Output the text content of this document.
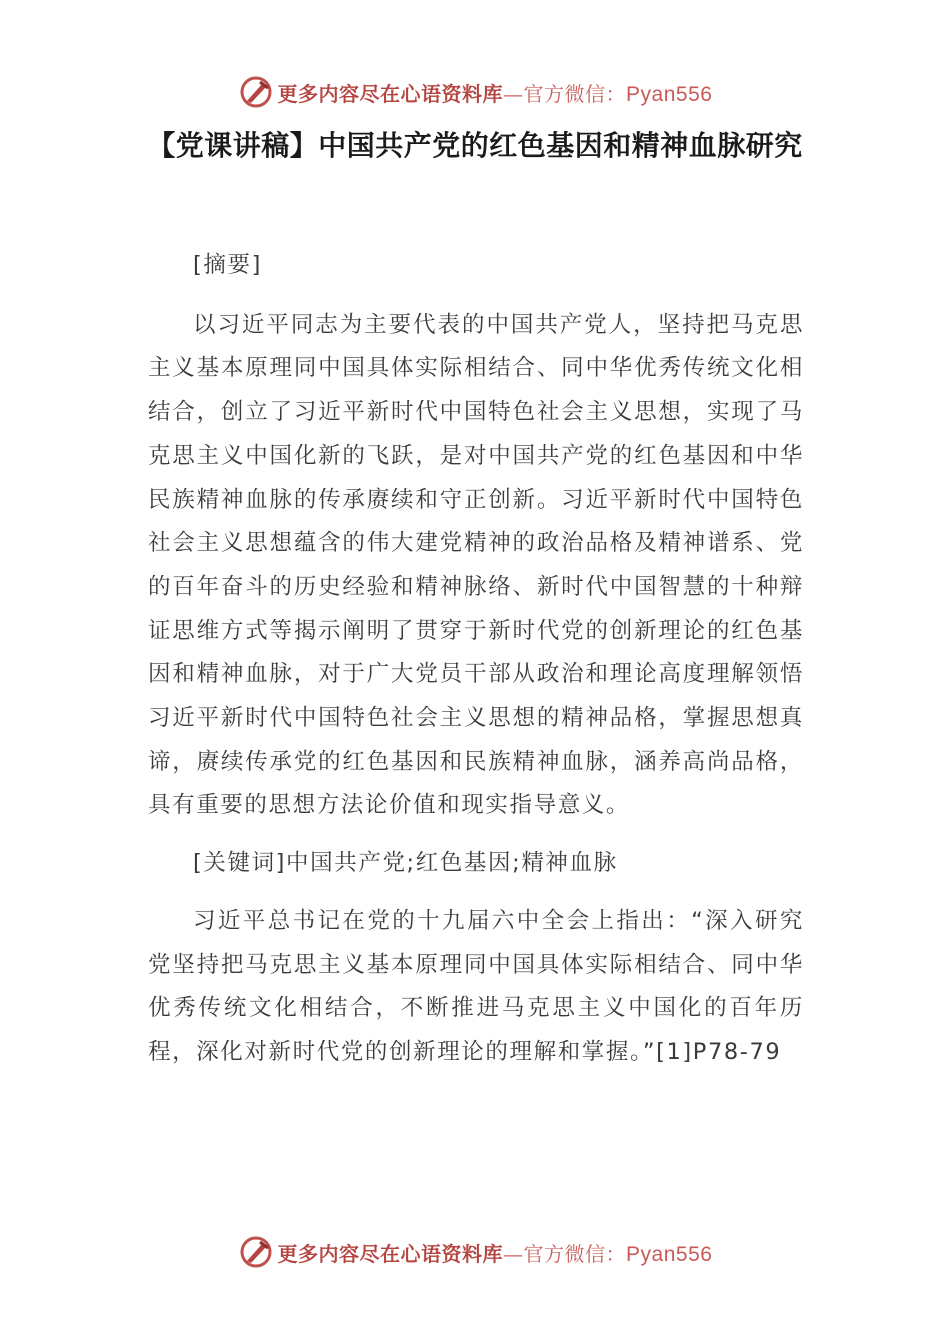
更多内容尽在心语资料库—官方微信：Pyan556
【党课讲稿】中国共产党的红色基因和精神血脉研究

[摘要]

以习近平同志为主要代表的中国共产党人，坚持把马克思主义基本原理同中国具体实际相结合、同中华优秀传统文化相结合，创立了习近平新时代中国特色社会主义思想，实现了马克思主义中国化新的飞跃，是对中国共产党的红色基因和中华民族精神血脉的传承赓续和守正创新。习近平新时代中国特色社会主义思想蕴含的伟大建党精神的政治品格及精神谱系、党的百年奋斗的历史经验和精神脉络、新时代中国智慧的十种辩证思维方式等揭示阐明了贯穿于新时代党的创新理论的红色基因和精神血脉，对于广大党员干部从政治和理论高度理解领悟习近平新时代中国特色社会主义思想的精神品格，掌握思想真谛，赓续传承党的红色基因和民族精神血脉，涵养高尚品格，具有重要的思想方法论价值和现实指导意义。

[关键词]中国共产党;红色基因;精神血脉

习近平总书记在党的十九届六中全会上指出：“深入研究党坚持把马克思主义基本原理同中国具体实际相结合、同中华优秀传统文化相结合，不断推进马克思主义中国化的百年历程，深化对新时代党的创新理论的理解和掌握。”[1]P78-79

更多内容尽在心语资料库—官方微信：Pyan556
